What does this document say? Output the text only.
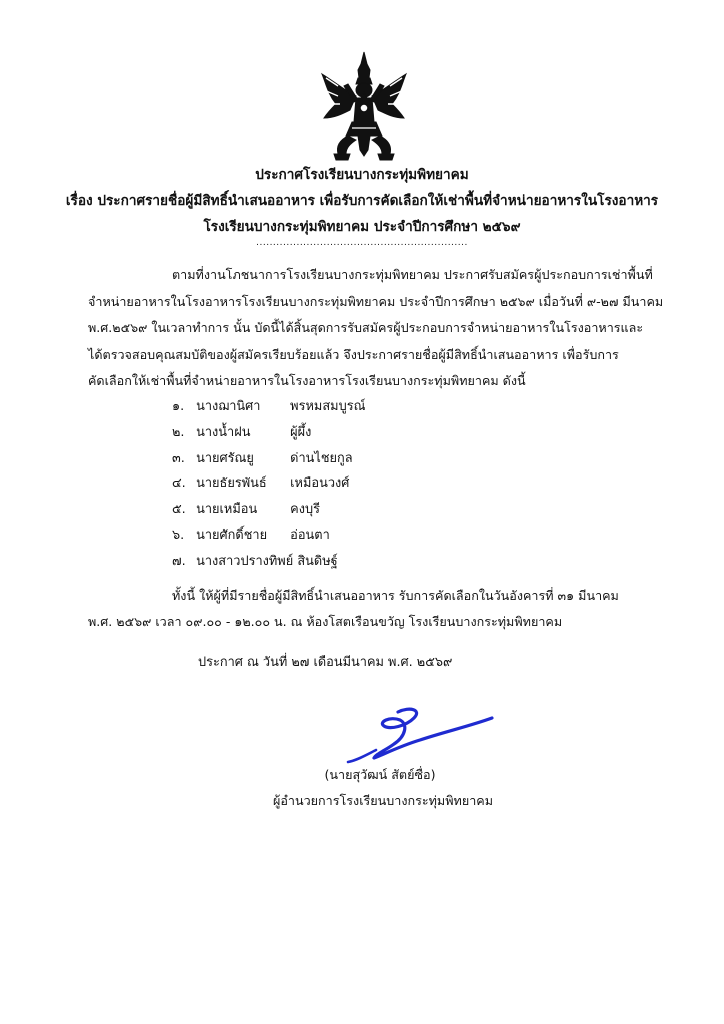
ประกาศโรงเรียนบางกระทุ่มพิทยาคม
เรื่อง ประกาศรายชื่อผู้มีสิทธิ์นำเสนออาหาร เพื่อรับการคัดเลือกให้เช่าพื้นที่จำหน่ายอาหารในโรงอาหาร
โรงเรียนบางกระทุ่มพิทยาคม ประจำปีการศึกษา ๒๕๖๙
...............................................................
ตามที่งานโภชนาการโรงเรียนบางกระทุ่มพิทยาคม ประกาศรับสมัครผู้ประกอบการเช่าพื้นที่
จำหน่ายอาหารในโรงอาหารโรงเรียนบางกระทุ่มพิทยาคม ประจำปีการศึกษา ๒๕๖๙ เมื่อวันที่ ๙-๒๗ มีนาคม
พ.ศ.๒๕๖๙ ในเวลาทำการ นั้น บัดนี้ได้สิ้นสุดการรับสมัครผู้ประกอบการจำหน่ายอาหารในโรงอาหารและ
ได้ตรวจสอบคุณสมบัติของผู้สมัครเรียบร้อยแล้ว จึงประกาศรายชื่อผู้มีสิทธิ์นำเสนออาหาร เพื่อรับการ
คัดเลือกให้เช่าพื้นที่จำหน่ายอาหารในโรงอาหารโรงเรียนบางกระทุ่มพิทยาคม ดังนี้
๑. นางฌานิศา พรหมสมบูรณ์
๒. นางน้ำฝน	ผู้ผึ้ง
๓. นายศรัณยู	ด่านไชยกูล
๔. นายธัยรพันธ์ เหมือนวงศ์
๕. นายเหมือน	คงบุรี
๖. นายศักดิ์ชาย อ่อนตา
๗. นางสาวปรางทิพย์ สินดิษฐ์
ทั้งนี้ ให้ผู้ที่มีรายชื่อผู้มีสิทธิ์นำเสนออาหาร รับการคัดเลือกในวันอังคารที่ ๓๑ มีนาคม
พ.ศ. ๒๕๖๙ เวลา ๐๙.๐๐ - ๑๒.๐๐ น. ณ ห้องโสตเรือนขวัญ โรงเรียนบางกระทุ่มพิทยาคม
ประกาศ ณ วันที่ ๒๗ เดือนมีนาคม พ.ศ. ๒๕๖๙
(นายสุวัฒน์ สัตย์ซื่อ)
ผู้อำนวยการโรงเรียนบางกระทุ่มพิทยาคม
